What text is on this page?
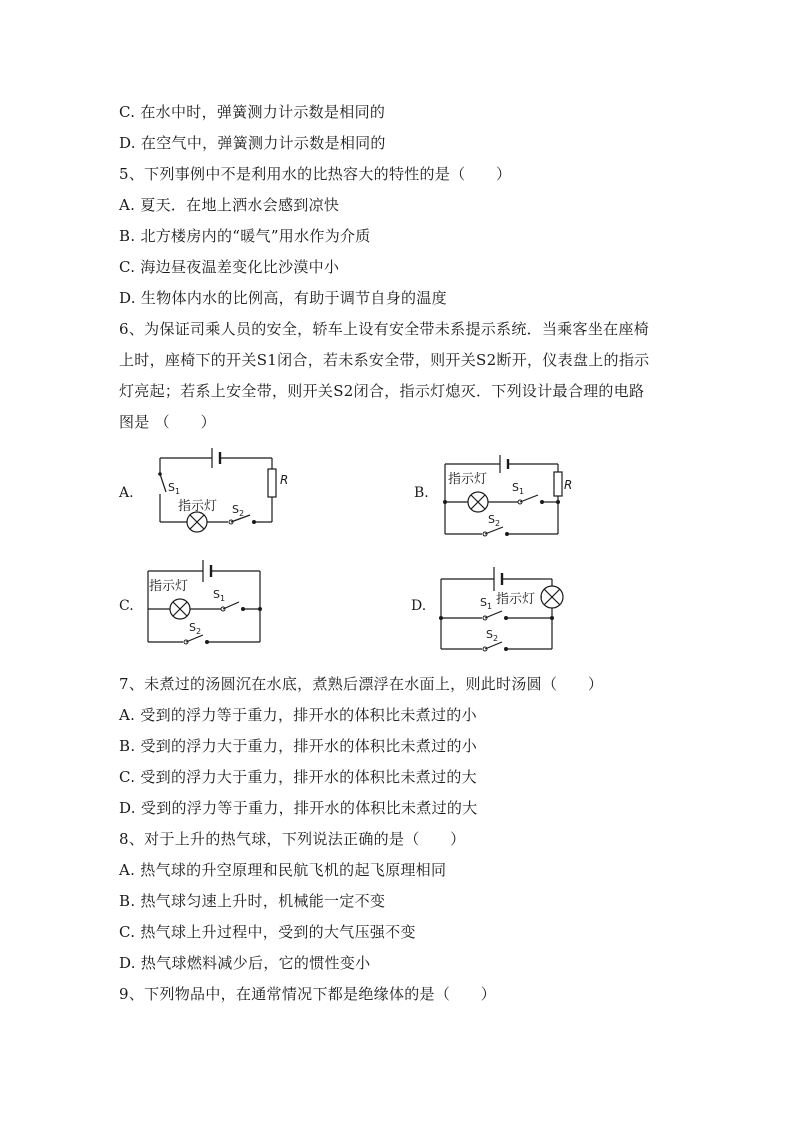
C. 在水中时，弹簧测力计示数是相同的
D. 在空气中，弹簧测力计示数是相同的
5、下列事例中不是利用水的比热容大的特性的是（　　）
A. 夏天．在地上洒水会感到凉快
B. 北方楼房内的“暖气”用水作为介质
C. 海边昼夜温差变化比沙漠中小
D. 生物体内水的比例高，有助于调节自身的温度
6、为保证司乘人员的安全，轿车上设有安全带未系提示系统．当乘客坐在座椅
上时，座椅下的开关S1闭合，若未系安全带，则开关S2断开，仪表盘上的指示
灯亮起；若系上安全带，则开关S2闭合，指示灯熄灭．下列设计最合理的电路
图是 （　　）
A.	B.
C.	D.
R
$S_1$
指示灯 $S_2$
指示灯
$S_1$	R
$S_2$
指示灯
$S_1$
$S_2$
$S_1$ 指示灯
$S_2$
7、未煮过的汤圆沉在水底，煮熟后漂浮在水面上，则此时汤圆（　　）
A. 受到的浮力等于重力，排开水的体积比未煮过的小
B. 受到的浮力大于重力，排开水的体积比未煮过的小
C. 受到的浮力大于重力，排开水的体积比未煮过的大
D. 受到的浮力等于重力，排开水的体积比未煮过的大
8、对于上升的热气球，下列说法正确的是（　　）
A. 热气球的升空原理和民航飞机的起飞原理相同
B. 热气球匀速上升时，机械能一定不变
C. 热气球上升过程中，受到的大气压强不变
D. 热气球燃料减少后，它的惯性变小
9、下列物品中，在通常情况下都是绝缘体的是（　　）
